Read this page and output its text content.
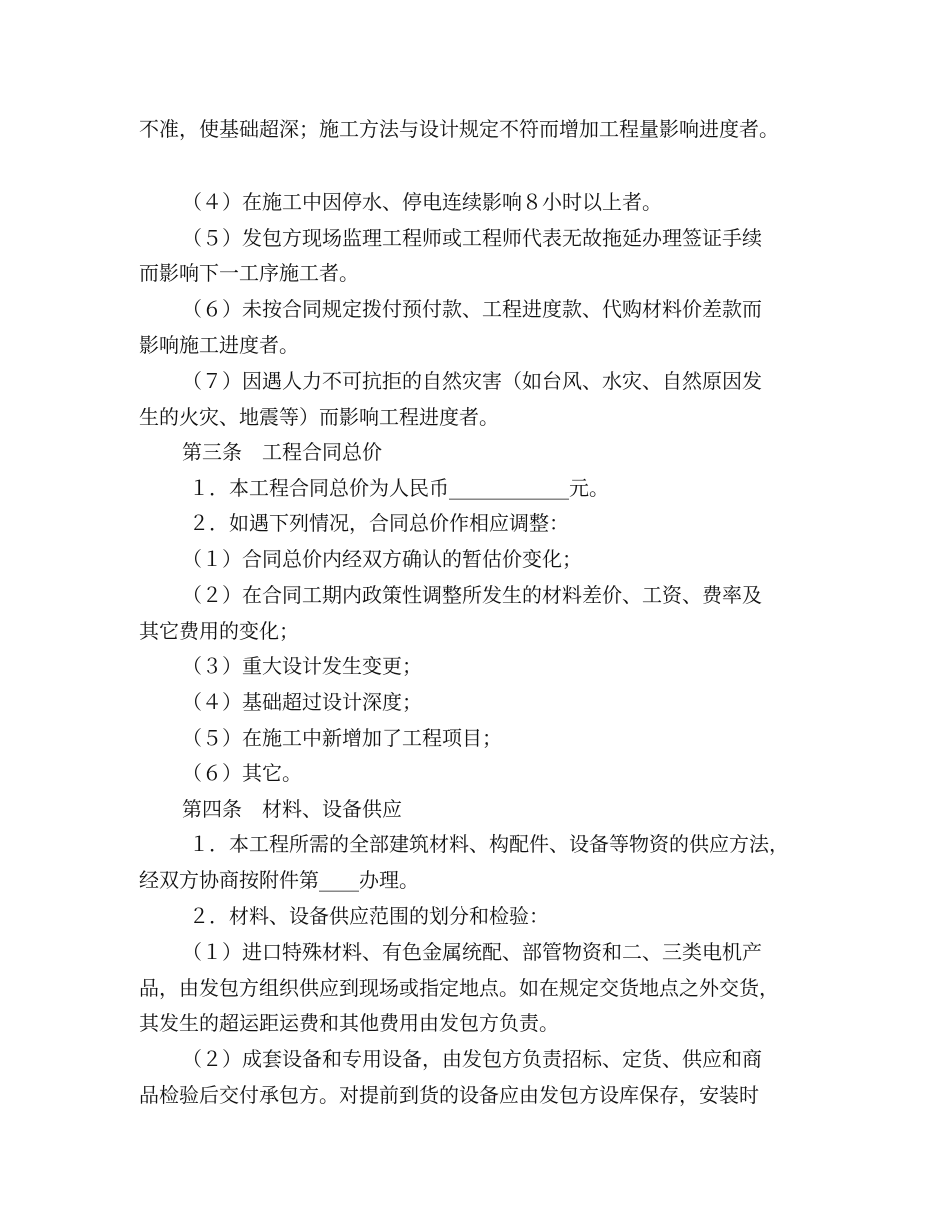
不准，使基础超深；施工方法与设计规定不符而增加工程量影响进度者。
（４）在施工中因停水、停电连续影响８小时以上者。
（５）发包方现场监理工程师或工程师代表无故拖延办理签证手续
而影响下一工序施工者。
（６）未按合同规定拨付预付款、工程进度款、代购材料价差款而
影响施工进度者。
（７）因遇人力不可抗拒的自然灾害（如台风、水灾、自然原因发
生的火灾、地震等）而影响工程进度者。
第三条　工程合同总价
１．本工程合同总价为人民币____________元。
２．如遇下列情况，合同总价作相应调整：
（１）合同总价内经双方确认的暂估价变化；
（２）在合同工期内政策性调整所发生的材料差价、工资、费率及
其它费用的变化；
（３）重大设计发生变更；
（４）基础超过设计深度；
（５）在施工中新增加了工程项目；
（６）其它。
第四条　材料、设备供应
１．本工程所需的全部建筑材料、构配件、设备等物资的供应方法，
经双方协商按附件第____办理。
２．材料、设备供应范围的划分和检验：
（１）进口特殊材料、有色金属统配、部管物资和二、三类电机产
品，由发包方组织供应到现场或指定地点。如在规定交货地点之外交货，
其发生的超运距运费和其他费用由发包方负责。
（２）成套设备和专用设备，由发包方负责招标、定货、供应和商
品检验后交付承包方。对提前到货的设备应由发包方设库保存，安装时
